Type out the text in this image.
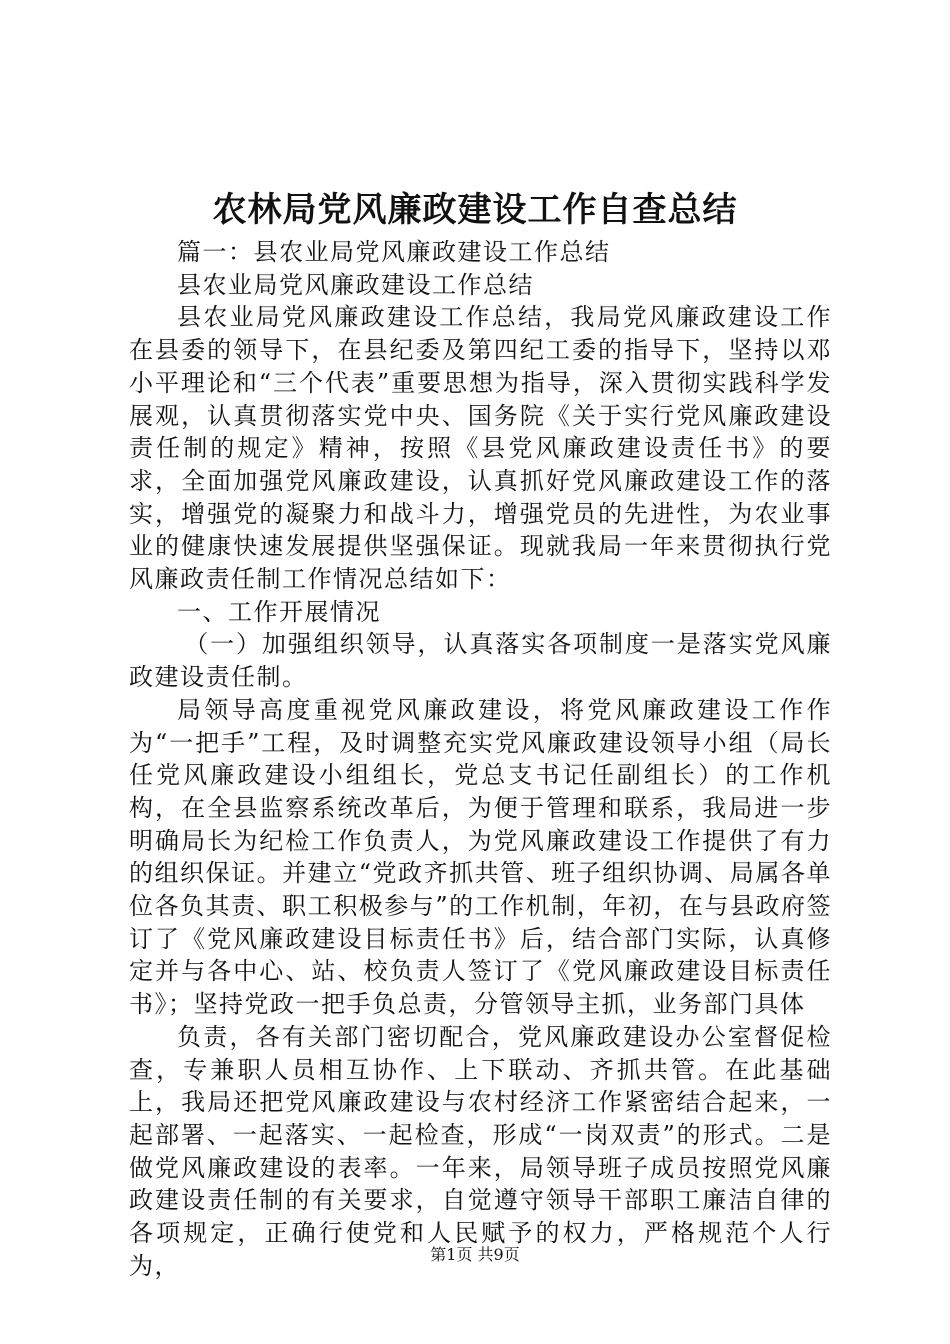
农林局党风廉政建设工作自查总结

篇一：县农业局党风廉政建设工作总结

县农业局党风廉政建设工作总结

县农业局党风廉政建设工作总结，我局党风廉政建设工作在县委的领导下，在县纪委及第四纪工委的指导下，坚持以邓小平理论和“三个代表”重要思想为指导，深入贯彻实践科学发展观，认真贯彻落实党中央、国务院《关于实行党风廉政建设责任制的规定》精神，按照《县党风廉政建设责任书》的要求，全面加强党风廉政建设，认真抓好党风廉政建设工作的落实，增强党的凝聚力和战斗力，增强党员的先进性，为农业事业的健康快速发展提供坚强保证。现就我局一年来贯彻执行党风廉政责任制工作情况总结如下：

一、工作开展情况

（一）加强组织领导，认真落实各项制度一是落实党风廉政建设责任制。

局领导高度重视党风廉政建设，将党风廉政建设工作作为“一把手”工程，及时调整充实党风廉政建设领导小组（局长任党风廉政建设小组组长，党总支书记任副组长）的工作机构，在全县监察系统改革后，为便于管理和联系，我局进一步明确局长为纪检工作负责人，为党风廉政建设工作提供了有力的组织保证。并建立“党政齐抓共管、班子组织协调、局属各单位各负其责、职工积极参与”的工作机制，年初，在与县政府签订了《党风廉政建设目标责任书》后，结合部门实际，认真修定并与各中心、站、校负责人签订了《党风廉政建设目标责任书》；坚持党政一把手负总责，分管领导主抓，业务部门具体

负责，各有关部门密切配合，党风廉政建设办公室督促检查，专兼职人员相互协作、上下联动、齐抓共管。在此基础上，我局还把党风廉政建设与农村经济工作紧密结合起来，一起部署、一起落实、一起检查，形成“一岗双责”的形式。二是做党风廉政建设的表率。一年来，局领导班子成员按照党风廉政建设责任制的有关要求，自觉遵守领导干部职工廉洁自律的各项规定，正确行使党和人民赋予的权力，严格规范个人行为，	第1页 共9页
